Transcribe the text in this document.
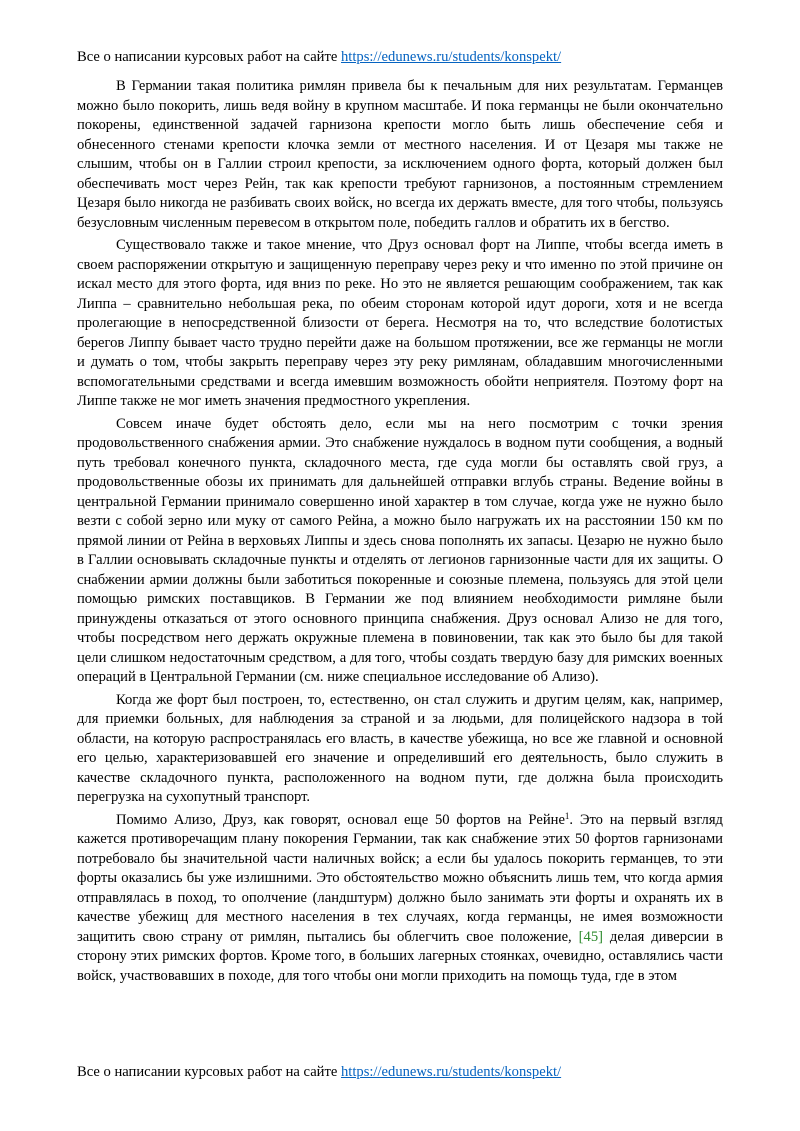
Все о написании курсовых работ на сайте https://edunews.ru/students/konspekt/

В Германии такая политика римлян привела бы к печальным для них результатам. Германцев можно было покорить, лишь ведя войну в крупном масштабе. И пока германцы не были окончательно покорены, единственной задачей гарнизона крепости могло быть лишь обеспечение себя и обнесенного стенами крепости клочка земли от местного населения. И от Цезаря мы также не слышим, чтобы он в Галлии строил крепости, за исключением одного форта, который должен был обеспечивать мост через Рейн, так как крепости требуют гарнизонов, а постоянным стремлением Цезаря было никогда не разбивать своих войск, но всегда их держать вместе, для того чтобы, пользуясь безусловным численным перевесом в открытом поле, победить галлов и обратить их в бегство.

Существовало также и такое мнение, что Друз основал форт на Липпе, чтобы всегда иметь в своем распоряжении открытую и защищенную переправу через реку и что именно по этой причине он искал место для этого форта, идя вниз по реке. Но это не является решающим соображением, так как Липпа – сравнительно небольшая река, по обеим сторонам которой идут дороги, хотя и не всегда пролегающие в непосредственной близости от берега. Несмотря на то, что вследствие болотистых берегов Липпу бывает часто трудно перейти даже на большом протяжении, все же германцы не могли и думать о том, чтобы закрыть переправу через эту реку римлянам, обладавшим многочисленными вспомогательными средствами и всегда имевшим возможность обойти неприятеля. Поэтому форт на Липпе также не мог иметь значения предмостного укрепления.

Совсем иначе будет обстоять дело, если мы на него посмотрим с точки зрения продовольственного снабжения армии. Это снабжение нуждалось в водном пути сообщения, а водный путь требовал конечного пункта, складочного места, где суда могли бы оставлять свой груз, а продовольственные обозы их принимать для дальнейшей отправки вглубь страны. Ведение войны в центральной Германии принимало совершенно иной характер в том случае, когда уже не нужно было везти с собой зерно или муку от самого Рейна, а можно было нагружать их на расстоянии 150 км по прямой линии от Рейна в верховьях Липпы и здесь снова пополнять их запасы. Цезарю не нужно было в Галлии основывать складочные пункты и отделять от легионов гарнизонные части для их защиты. О снабжении армии должны были заботиться покоренные и союзные племена, пользуясь для этой цели помощью римских поставщиков. В Германии же под влиянием необходимости римляне были принуждены отказаться от этого основного принципа снабжения. Друз основал Ализо не для того, чтобы посредством него держать окружные племена в повиновении, так как это было бы для такой цели слишком недостаточным средством, а для того, чтобы создать твердую базу для римских военных операций в Центральной Германии (см. ниже специальное исследование об Ализо).

Когда же форт был построен, то, естественно, он стал служить и другим целям, как, например, для приемки больных, для наблюдения за страной и за людьми, для полицейского надзора в той области, на которую распространялась его власть, в качестве убежища, но все же главной и основной его целью, характеризовавшей его значение и определивший его деятельность, было служить в качестве складочного пункта, расположенного на водном пути, где должна была происходить перегрузка на сухопутный транспорт.

Помимо Ализо, Друз, как говорят, основал еще 50 фортов на Рейне$^1$. Это на первый взгляд кажется противоречащим плану покорения Германии, так как снабжение этих 50 фортов гарнизонами потребовало бы значительной части наличных войск; а если бы удалось покорить германцев, то эти форты оказались бы уже излишними. Это обстоятельство можно объяснить лишь тем, что когда армия отправлялась в поход, то ополчение (ландштурм) должно было занимать эти форты и охранять их в качестве убежищ для местного населения в тех случаях, когда германцы, не имея возможности защитить свою страну от римлян, пытались бы облегчить свое положение, [45] делая диверсии в сторону этих римских фортов. Кроме того, в больших лагерных стоянках, очевидно, оставлялись части войск, участвовавших в походе, для того чтобы они могли приходить на помощь туда, где в этом

Все о написании курсовых работ на сайте https://edunews.ru/students/konspekt/
